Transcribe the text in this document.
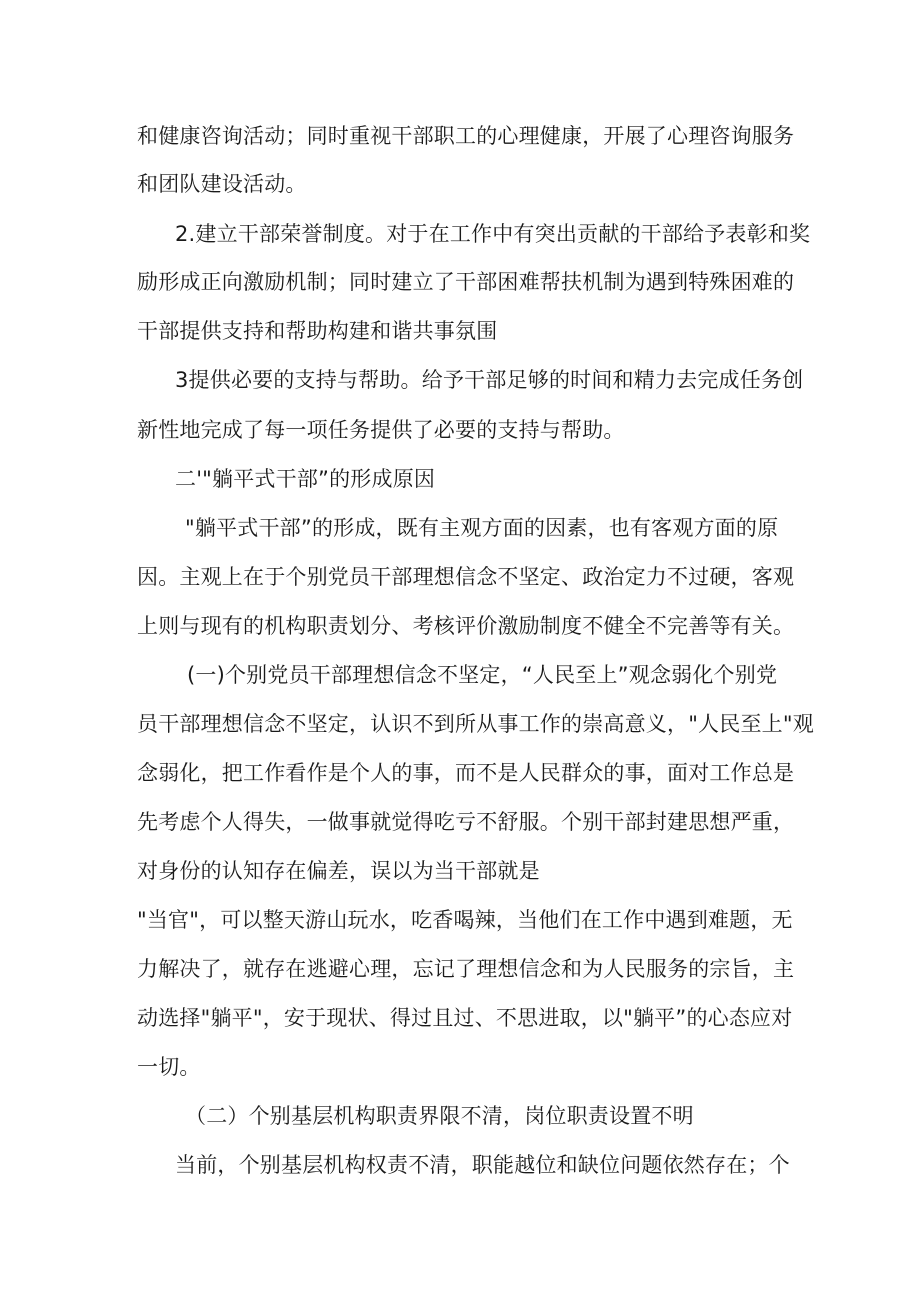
和健康咨询活动；同时重视干部职工的心理健康，开展了心理咨询服务
和团队建设活动。
2.建立干部荣誉制度。对于在工作中有突出贡献的干部给予表彰和奖
励形成正向激励机制；同时建立了干部困难帮扶机制为遇到特殊困难的
干部提供支持和帮助构建和谐共事氛围
3提供必要的支持与帮助。给予干部足够的时间和精力去完成任务创
新性地完成了每一项任务提供了必要的支持与帮助。
二'"躺平式干部”的形成原因
"躺平式干部”的形成，既有主观方面的因素，也有客观方面的原
因。主观上在于个别党员干部理想信念不坚定、政治定力不过硬，客观
上则与现有的机构职责划分、考核评价激励制度不健全不完善等有关。
(一)个别党员干部理想信念不坚定，“人民至上”观念弱化个别党
员干部理想信念不坚定，认识不到所从事工作的崇高意义，"人民至上"观
念弱化，把工作看作是个人的事，而不是人民群众的事，面对工作总是
先考虑个人得失，一做事就觉得吃亏不舒服。个别干部封建思想严重，
对身份的认知存在偏差，误以为当干部就是
"当官"，可以整天游山玩水，吃香喝辣，当他们在工作中遇到难题，无
力解决了，就存在逃避心理，忘记了理想信念和为人民服务的宗旨，主
动选择"躺平"，安于现状、得过且过、不思进取，以"躺平”的心态应对
一切。
（二）个别基层机构职责界限不清，岗位职责设置不明
当前，个别基层机构权责不清，职能越位和缺位问题依然存在；个
